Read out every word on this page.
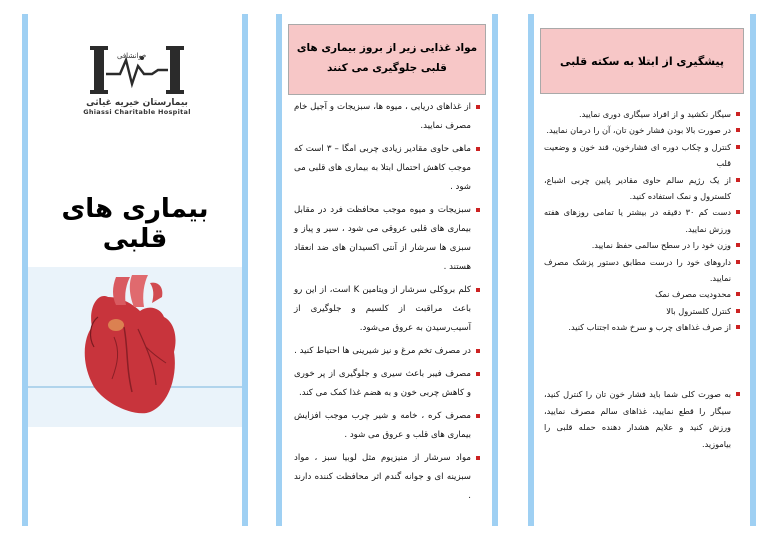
خوانشافی
بیمارستان خیریه غیاثی
Ghiassi Charitable Hospital
بیماری های قلبی
مواد غذایی زیر از بروز بیماری های قلبی جلوگیری می کنند
از غذاهای دریایی ، میوه ها، سبزیجات و آجیل خام مصرف نمایید.
ماهی حاوی مقادیر زیادی چربی امگا – ۳ است که موجب کاهش احتمال ابتلا به بیماری های قلبی می شود .
سبزیجات و میوه موجب محافظت فرد در مقابل بیماری های قلبی عروقی می شود ، سیر و پیاز و سبزی ها سرشار از آنتی اکسیدان های ضد انعقاد هستند .
کلم بروکلی سرشار از ویتامین K است، از این رو باعث مراقبت از کلسیم و جلوگیری از آسیب‌رسیدن به عروق می‌شود.
در مصرف تخم مرغ و نیز شیرینی ها احتیاط کنید .
مصرف فیبر باعث سیری و جلوگیری از پر خوری و کاهش چربی خون و به هضم غذا کمک می کند.
مصرف کره ، خامه و شیر چرب موجب افزایش بیماری های قلب و عروق می شود .
مواد سرشار از منیزیوم مثل لوبیا سبز ، مواد سبزینه ای و جوانه گندم اثر محافظت کننده دارند .
پیشگیری از ابتلا به سکته قلبی
سیگار نکشید و از افراد سیگاری دوری نمایید.
در صورت بالا بودن فشار خون تان، آن را درمان نمایید.
کنترل و چکاب دوره ای فشارخون، قند خون و وضعیت قلب
از یک رژیم سالم حاوی مقادیر پایین چربی اشباع، کلسترول و نمک استفاده کنید.
دست کم ۳۰ دقیقه در بیشتر یا تمامی روزهای هفته ورزش نمایید.
وزن خود را در سطح سالمی حفظ نمایید.
داروهای خود را درست مطابق دستور پزشک مصرف نمایید.
محدودیت مصرف نمک
کنترل کلسترول بالا
از صرف غذاهای چرب و سرخ شده اجتناب کنید.
به صورت کلی شما باید فشار خون تان را کنترل کنید، سیگار را قطع نمایید، غذاهای سالم مصرف نمایید، ورزش کنید و علایم هشدار دهنده حمله قلبی را بیاموزید.
